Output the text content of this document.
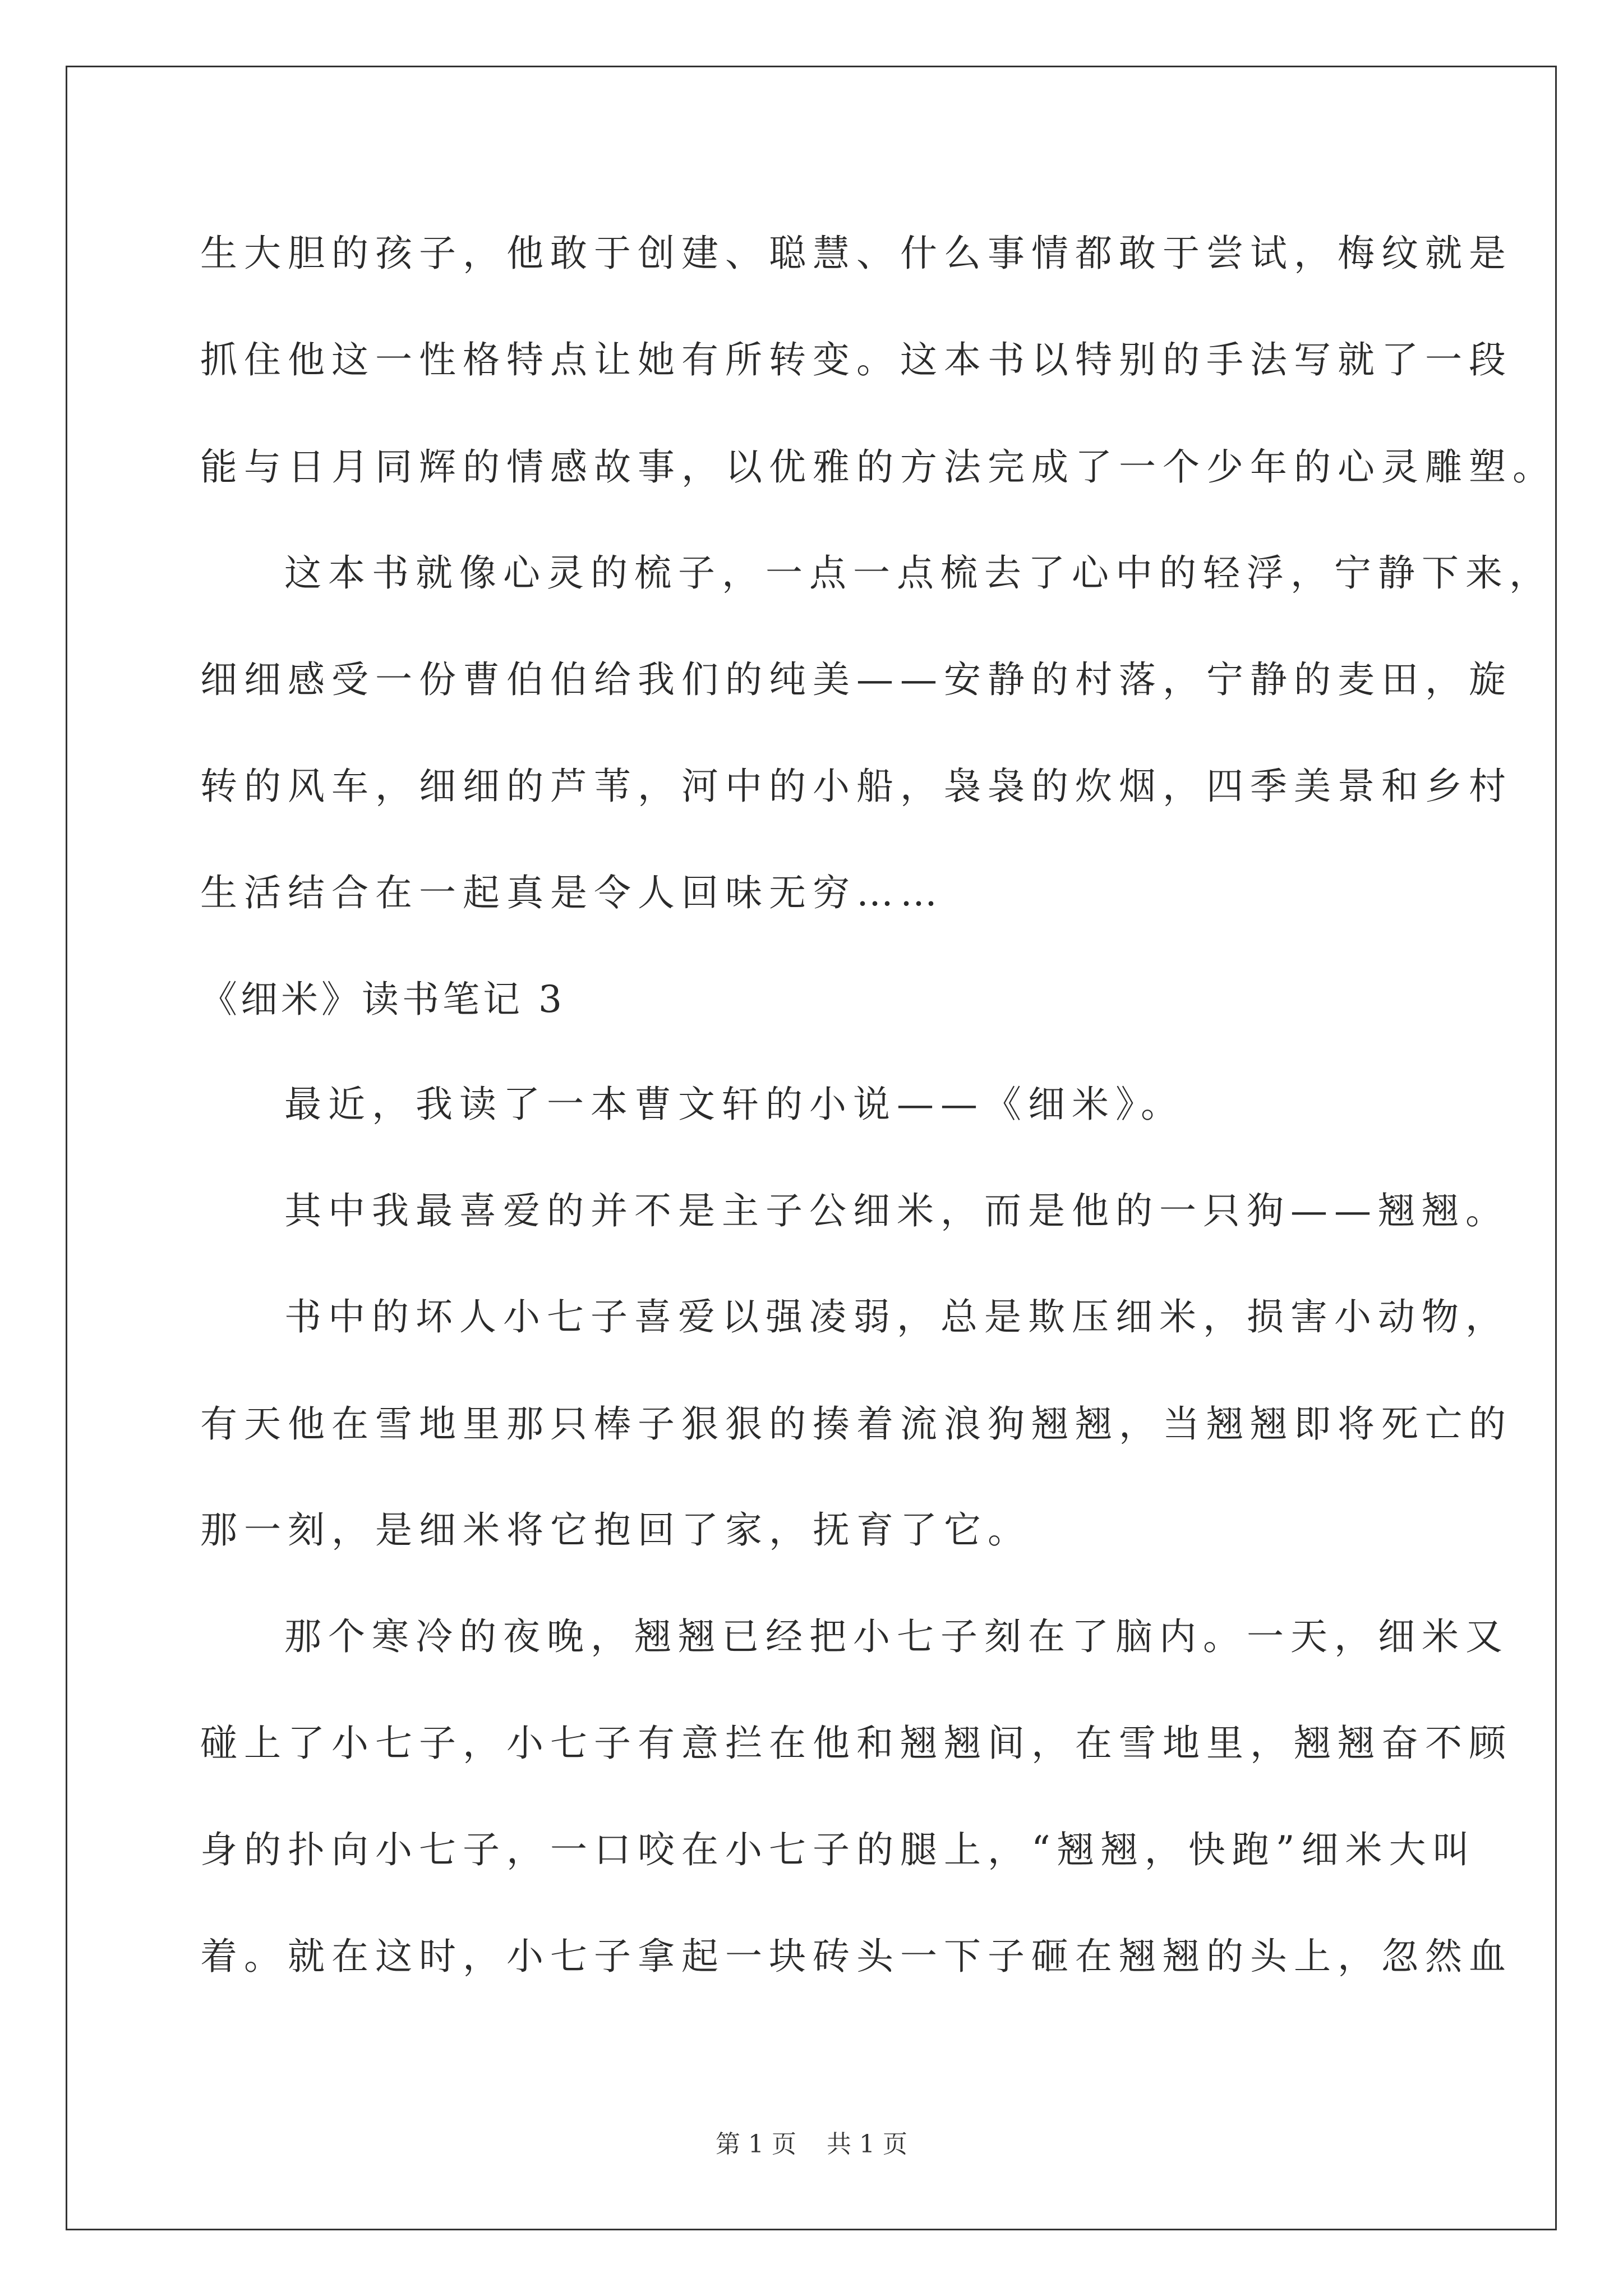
生大胆的孩子，他敢于创建、聪慧、什么事情都敢于尝试，梅纹就是
抓住他这一性格特点让她有所转变。这本书以特别的手法写就了一段
能与日月同辉的情感故事，以优雅的方法完成了一个少年的心灵雕塑。
这本书就像心灵的梳子，一点一点梳去了心中的轻浮，宁静下来，
细细感受一份曹伯伯给我们的纯美——安静的村落，宁静的麦田，旋
转的风车，细细的芦苇，河中的小船，袅袅的炊烟，四季美景和乡村
生活结合在一起真是令人回味无穷……
《细米》读书笔记 3
最近，我读了一本曹文轩的小说——《细米》。
其中我最喜爱的并不是主子公细米，而是他的一只狗——翘翘。
书中的坏人小七子喜爱以强凌弱，总是欺压细米，损害小动物，
有天他在雪地里那只棒子狠狠的揍着流浪狗翘翘，当翘翘即将死亡的
那一刻，是细米将它抱回了家，抚育了它。
那个寒冷的夜晚，翘翘已经把小七子刻在了脑内。一天，细米又
碰上了小七子，小七子有意拦在他和翘翘间，在雪地里，翘翘奋不顾
身的扑向小七子，一口咬在小七子的腿上，“翘翘，快跑”细米大叫
着。就在这时，小七子拿起一块砖头一下子砸在翘翘的头上，忽然血
第 1 页 共 1 页
